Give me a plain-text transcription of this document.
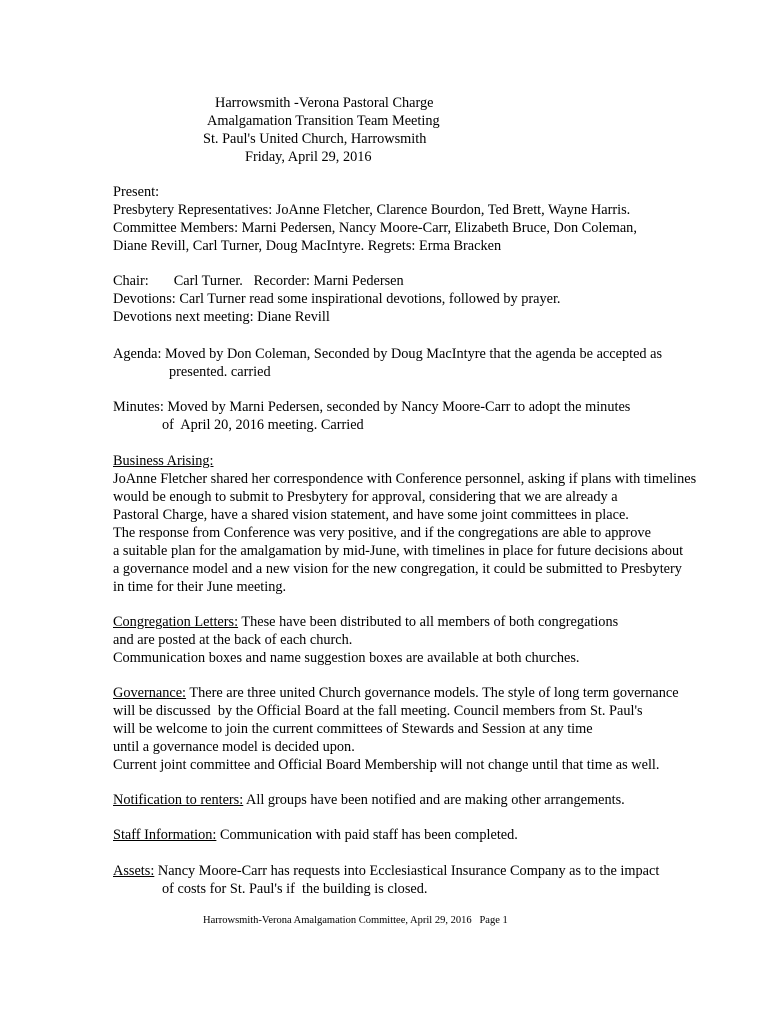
Harrowsmith -Verona Pastoral Charge
Amalgamation Transition Team Meeting
St. Paul's United Church, Harrowsmith
Friday, April 29, 2016
Present:
Presbytery Representatives: JoAnne Fletcher, Clarence Bourdon, Ted Brett, Wayne Harris.
Committee Members: Marni Pedersen, Nancy Moore-Carr, Elizabeth Bruce, Don Coleman,
Diane Revill, Carl Turner, Doug MacIntyre. Regrets: Erma Bracken
Chair:       Carl Turner.   Recorder: Marni Pedersen
Devotions: Carl Turner read some inspirational devotions, followed by prayer.
Devotions next meeting: Diane Revill
Agenda: Moved by Don Coleman, Seconded by Doug MacIntyre that the agenda be accepted as
presented. carried
Minutes: Moved by Marni Pedersen, seconded by Nancy Moore-Carr to adopt the minutes
of  April 20, 2016 meeting. Carried
Business Arising:
JoAnne Fletcher shared her correspondence with Conference personnel, asking if plans with timelines
would be enough to submit to Presbytery for approval, considering that we are already a
Pastoral Charge, have a shared vision statement, and have some joint committees in place.
The response from Conference was very positive, and if the congregations are able to approve
a suitable plan for the amalgamation by mid-June, with timelines in place for future decisions about
a governance model and a new vision for the new congregation, it could be submitted to Presbytery
in time for their June meeting.
Congregation Letters: These have been distributed to all members of both congregations
and are posted at the back of each church.
Communication boxes and name suggestion boxes are available at both churches.
Governance: There are three united Church governance models. The style of long term governance
will be discussed  by the Official Board at the fall meeting. Council members from St. Paul's
will be welcome to join the current committees of Stewards and Session at any time
until a governance model is decided upon.
Current joint committee and Official Board Membership will not change until that time as well.
Notification to renters: All groups have been notified and are making other arrangements.
Staff Information: Communication with paid staff has been completed.
Assets: Nancy Moore-Carr has requests into Ecclesiastical Insurance Company as to the impact
of costs for St. Paul's if  the building is closed.
Harrowsmith-Verona Amalgamation Committee, April 29, 2016   Page 1
